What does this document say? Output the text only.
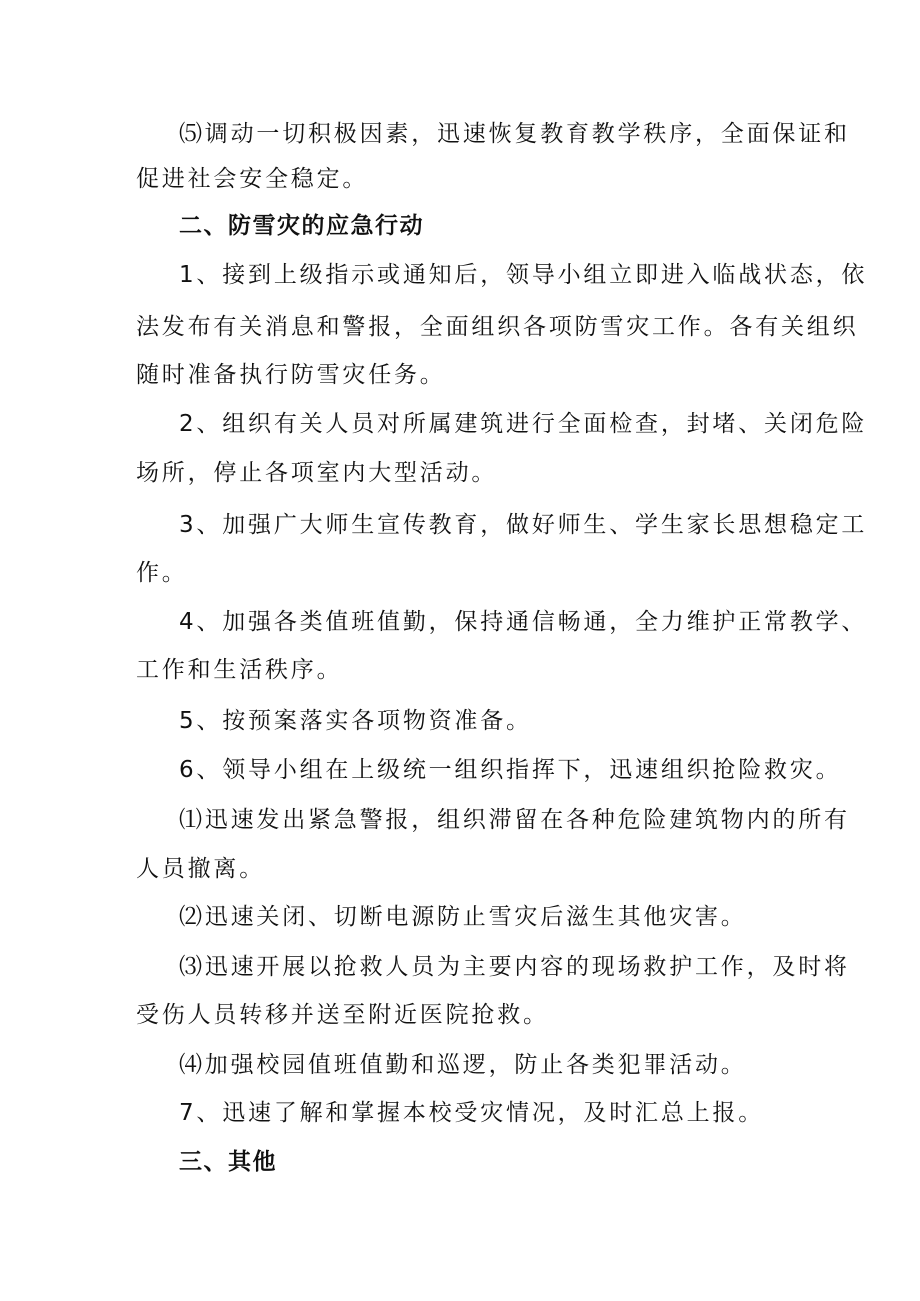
⑸调动一切积极因素，迅速恢复教育教学秩序，全面保证和
促进社会安全稳定。
二、防雪灾的应急行动
1、接到上级指示或通知后，领导小组立即进入临战状态，依
法发布有关消息和警报，全面组织各项防雪灾工作。各有关组织
随时准备执行防雪灾任务。
2、组织有关人员对所属建筑进行全面检查，封堵、关闭危险
场所，停止各项室内大型活动。
3、加强广大师生宣传教育，做好师生、学生家长思想稳定工
作。
4、加强各类值班值勤，保持通信畅通，全力维护正常教学、
工作和生活秩序。
5、按预案落实各项物资准备。
6、领导小组在上级统一组织指挥下，迅速组织抢险救灾。
⑴迅速发出紧急警报，组织滞留在各种危险建筑物内的所有
人员撤离。
⑵迅速关闭、切断电源防止雪灾后滋生其他灾害。
⑶迅速开展以抢救人员为主要内容的现场救护工作，及时将
受伤人员转移并送至附近医院抢救。
⑷加强校园值班值勤和巡逻，防止各类犯罪活动。
7、迅速了解和掌握本校受灾情况，及时汇总上报。
三、其他
